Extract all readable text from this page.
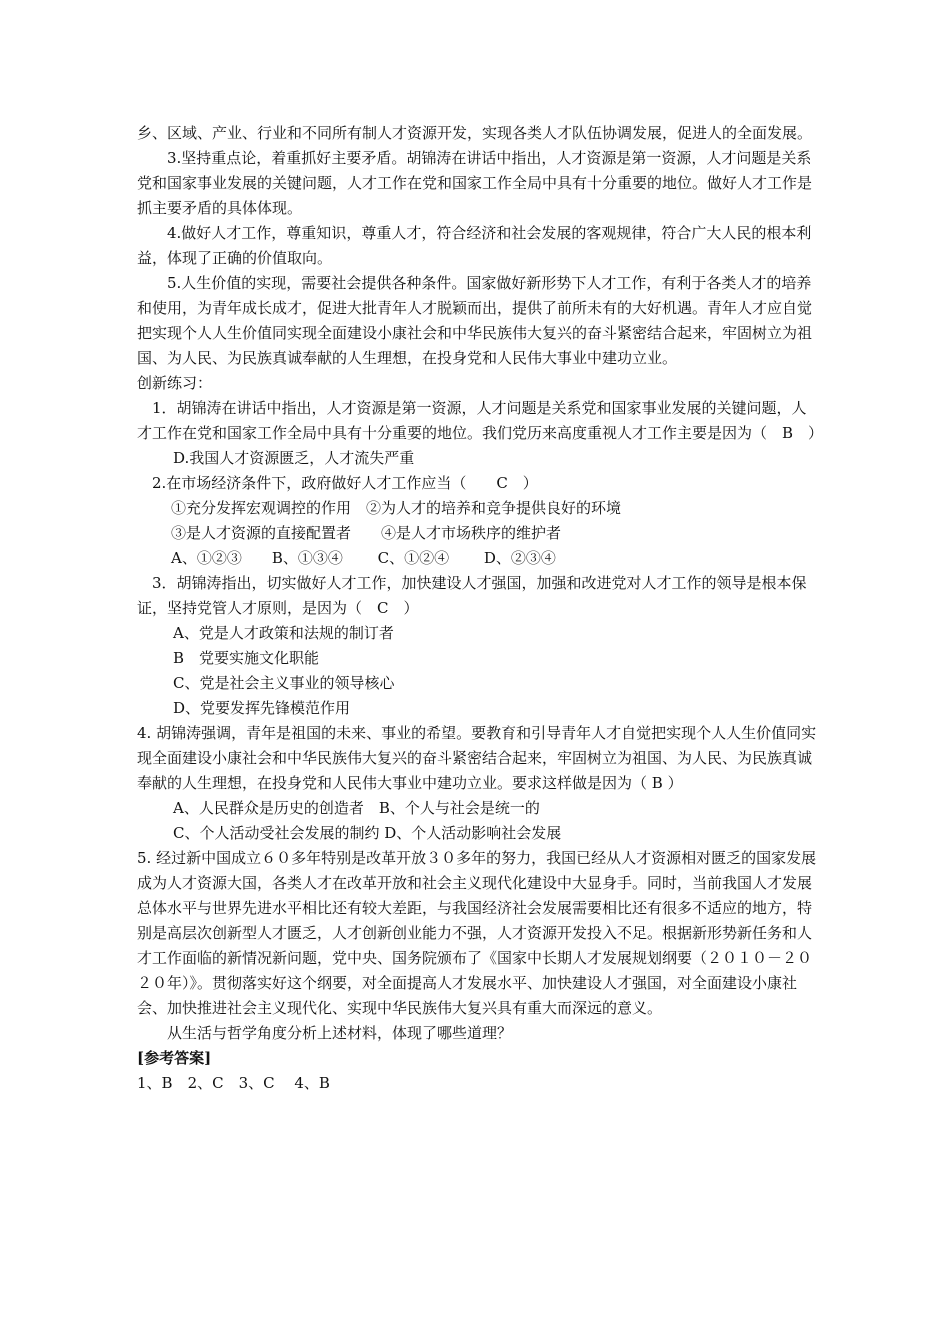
乡、区域、产业、行业和不同所有制人才资源开发，实现各类人才队伍协调发展，促进人的全面发展。

3.坚持重点论，着重抓好主要矛盾。胡锦涛在讲话中指出，人才资源是第一资源，人才问题是关系党和国家事业发展的关键问题，人才工作在党和国家工作全局中具有十分重要的地位。做好人才工作是抓主要矛盾的具体体现。

4.做好人才工作，尊重知识，尊重人才，符合经济和社会发展的客观规律，符合广大人民的根本利益，体现了正确的价值取向。

5.人生价值的实现，需要社会提供各种条件。国家做好新形势下人才工作，有利于各类人才的培养和使用，为青年成长成才，促进大批青年人才脱颖而出，提供了前所未有的大好机遇。青年人才应自觉把实现个人人生价值同实现全面建设小康社会和中华民族伟大复兴的奋斗紧密结合起来，牢固树立为祖国、为人民、为民族真诚奉献的人生理想，在投身党和人民伟大事业中建功立业。

创新练习：

1．胡锦涛在讲话中指出，人才资源是第一资源，人才问题是关系党和国家事业发展的关键问题，人才工作在党和国家工作全局中具有十分重要的地位。我们党历来高度重视人才工作主要是因为（　B　）

D.我国人才资源匮乏，人才流失严重

2.在市场经济条件下，政府做好人才工作应当（　　C　）

①充分发挥宏观调控的作用　②为人才的培养和竞争提供良好的环境

③是人才资源的直接配置者　　④是人才市场秩序的维护者

A、①②③　　B、①③④　　 C、①②④　　 D、②③④

3．胡锦涛指出，切实做好人才工作，加快建设人才强国，加强和改进党对人才工作的领导是根本保证，坚持党管人才原则，是因为（　C　）

A、党是人才政策和法规的制订者

B　党要实施文化职能

C、党是社会主义事业的领导核心

D、党要发挥先锋模范作用

4. 胡锦涛强调，青年是祖国的未来、事业的希望。要教育和引导青年人才自觉把实现个人人生价值同实现全面建设小康社会和中华民族伟大复兴的奋斗紧密结合起来，牢固树立为祖国、为人民、为民族真诚奉献的人生理想，在投身党和人民伟大事业中建功立业。要求这样做是因为（ B ）

A、人民群众是历史的创造者　B、个人与社会是统一的

C、个人活动受社会发展的制约 D、个人活动影响社会发展

5. 经过新中国成立６０多年特别是改革开放３０多年的努力，我国已经从人才资源相对匮乏的国家发展成为人才资源大国，各类人才在改革开放和社会主义现代化建设中大显身手。同时，当前我国人才发展总体水平与世界先进水平相比还有较大差距，与我国经济社会发展需要相比还有很多不适应的地方，特别是高层次创新型人才匮乏，人才创新创业能力不强，人才资源开发投入不足。根据新形势新任务和人才工作面临的新情况新问题，党中央、国务院颁布了《国家中长期人才发展规划纲要（２０１０－２０２０年）》。贯彻落实好这个纲要，对全面提高人才发展水平、加快建设人才强国，对全面建设小康社会、加快推进社会主义现代化、实现中华民族伟大复兴具有重大而深远的意义。

从生活与哲学角度分析上述材料，体现了哪些道理？

[参考答案]

1、B　2、C　3、C　 4、B
